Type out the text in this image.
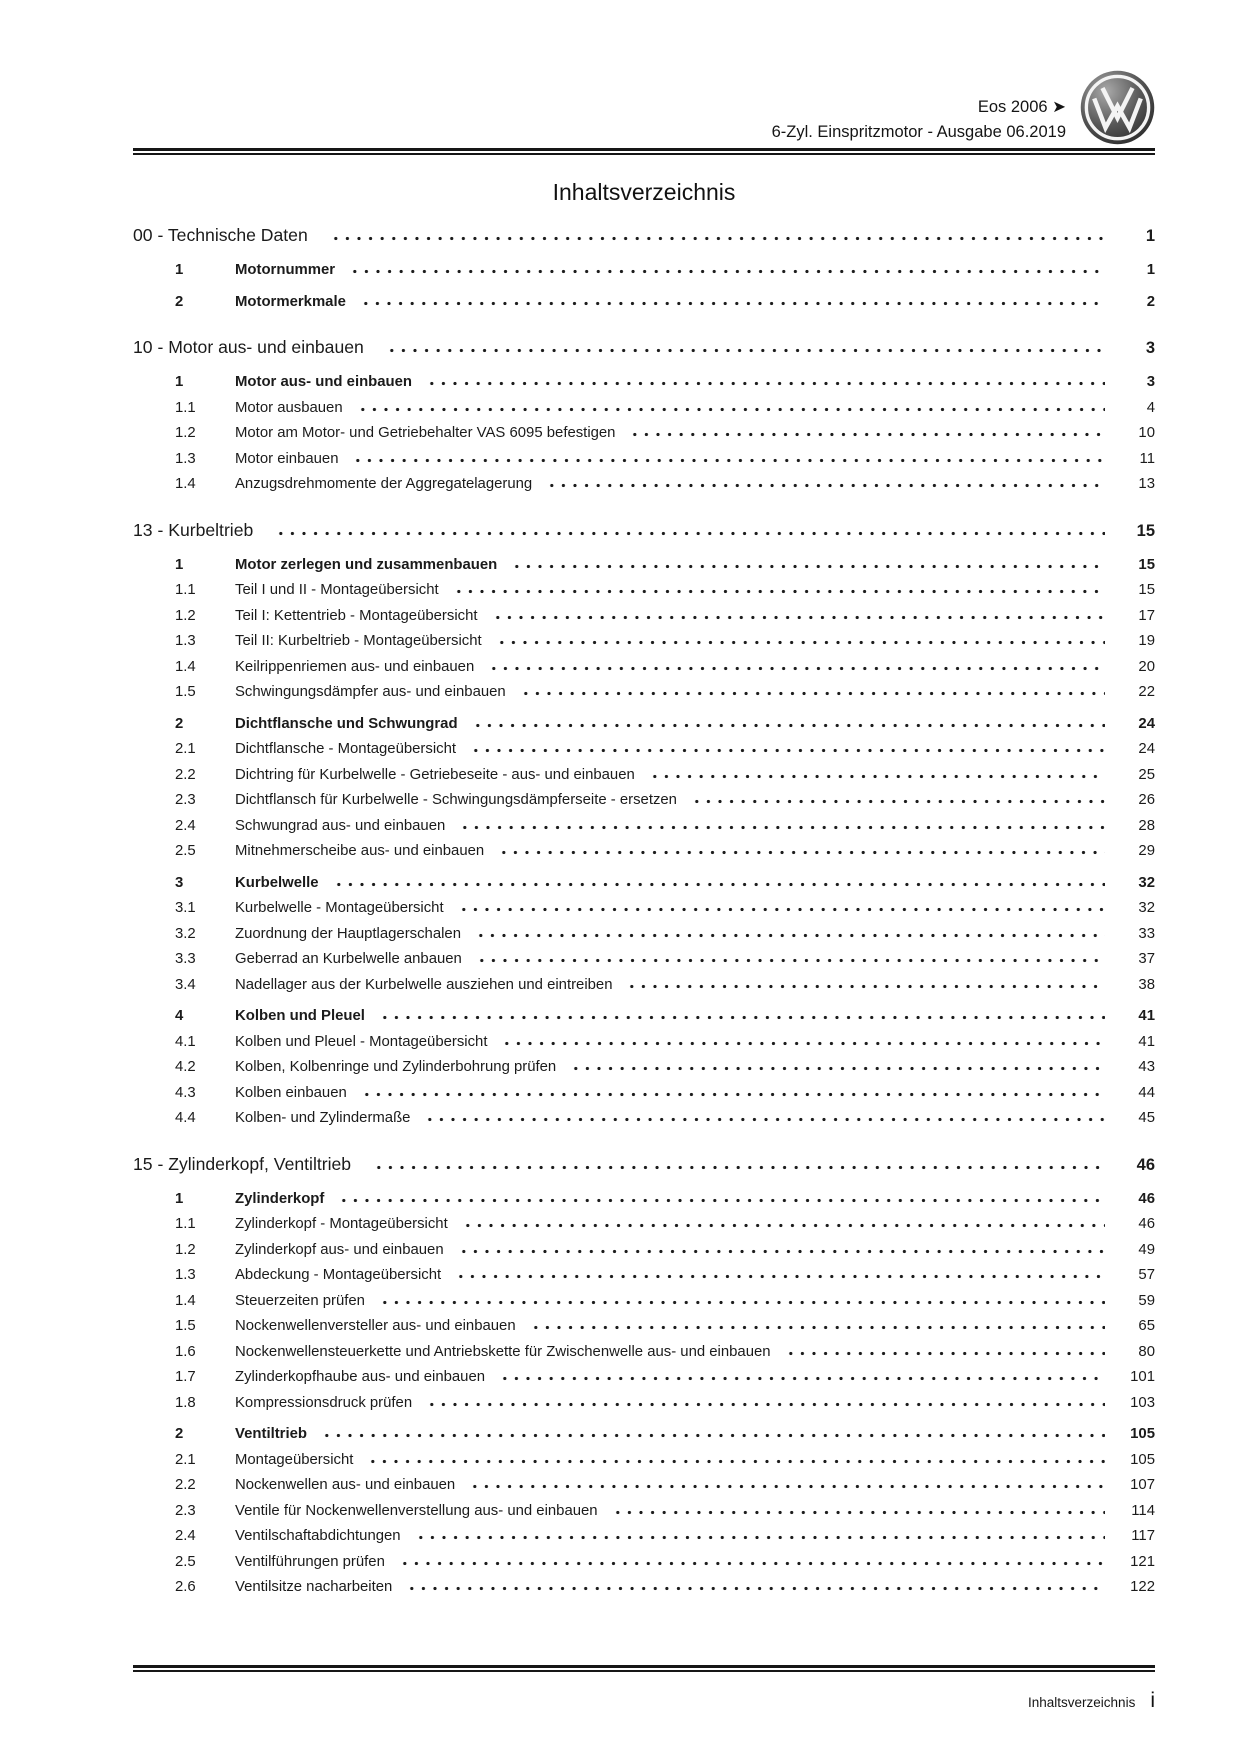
Eos 2006 ➤
6-Zyl. Einspritzmotor - Ausgabe 06.2019
Inhaltsverzeichnis
00 - Technische Daten	1
1	Motornummer	1
2	Motormerkmale	2
10 - Motor aus- und einbauen	3
1	Motor aus- und einbauen	3
1.1	Motor ausbauen	4
1.2	Motor am Motor- und Getriebehalter VAS 6095 befestigen	10
1.3	Motor einbauen	11
1.4	Anzugsdrehmomente der Aggregatelagerung	13
13 - Kurbeltrieb	15
1	Motor zerlegen und zusammenbauen	15
1.1	Teil I und II - Montageübersicht	15
1.2	Teil I: Kettentrieb - Montageübersicht	17
1.3	Teil II: Kurbeltrieb - Montageübersicht	19
1.4	Keilrippenriemen aus- und einbauen	20
1.5	Schwingungsdämpfer aus- und einbauen	22
2	Dichtflansche und Schwungrad	24
2.1	Dichtflansche - Montageübersicht	24
2.2	Dichtring für Kurbelwelle - Getriebeseite - aus- und einbauen	25
2.3	Dichtflansch für Kurbelwelle - Schwingungsdämpferseite - ersetzen	26
2.4	Schwungrad aus- und einbauen	28
2.5	Mitnehmerscheibe aus- und einbauen	29
3	Kurbelwelle	32
3.1	Kurbelwelle - Montageübersicht	32
3.2	Zuordnung der Hauptlagerschalen	33
3.3	Geberrad an Kurbelwelle anbauen	37
3.4	Nadellager aus der Kurbelwelle ausziehen und eintreiben	38
4	Kolben und Pleuel	41
4.1	Kolben und Pleuel - Montageübersicht	41
4.2	Kolben, Kolbenringe und Zylinderbohrung prüfen	43
4.3	Kolben einbauen	44
4.4	Kolben- und Zylindermaße	45
15 - Zylinderkopf, Ventiltrieb	46
1	Zylinderkopf	46
1.1	Zylinderkopf - Montageübersicht	46
1.2	Zylinderkopf aus- und einbauen	49
1.3	Abdeckung - Montageübersicht	57
1.4	Steuerzeiten prüfen	59
1.5	Nockenwellenversteller aus- und einbauen	65
1.6	Nockenwellensteuerkette und Antriebskette für Zwischenwelle aus- und einbauen	80
1.7	Zylinderkopfhaube aus- und einbauen	101
1.8	Kompressionsdruck prüfen	103
2	Ventiltrieb	105
2.1	Montageübersicht	105
2.2	Nockenwellen aus- und einbauen	107
2.3	Ventile für Nockenwellenverstellung aus- und einbauen	114
2.4	Ventilschaftabdichtungen	117
2.5	Ventilführungen prüfen	121
2.6	Ventilsitze nacharbeiten	122
Inhaltsverzeichnis i
